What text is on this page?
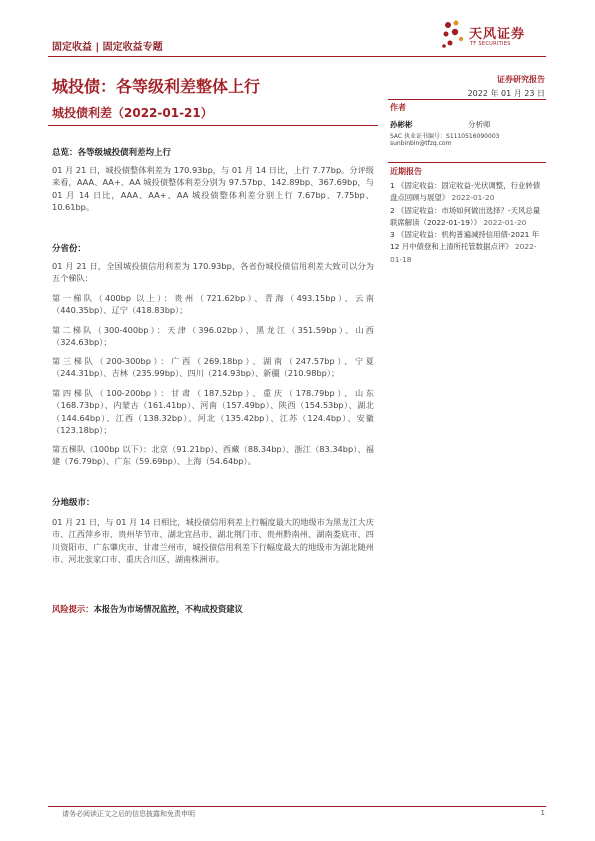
固定收益 | 固定收益专题
天风证券
TF SECURITIES
城投债：各等级利差整体上行
城投债利差（2022-01-21）
证券研究报告
2022 年 01 月 23 日
作者
孙彬彬	分析师
SAC 执业证书编号：S1110516090003
sunbinbin@tfzq.com
近期报告
1 《固定收益：固定收益-光伏调整，行业转债盘点回顾与展望》 2022-01-20
2 《固定收益：市场如何做出选择？-天风总量联席解读（2022-01-19）》 2022-01-20
3 《固定收益：机构普遍减持信用债-2021 年 12 月中债登和上清所托管数据点评》 2022-01-18
总览：各等级城投债利差均上行
01 月 21 日，城投债整体利差为 170.93bp，与 01 月 14 日比，上行 7.77bp。分评级来看，AAA、AA+、AA 城投债整体利差分别为 97.57bp、142.89bp、367.69bp，与 01 月 14 日比，AAA、AA+、AA 城投债整体利差分别上行 7.67bp、7.75bp、10.61bp。
分省份：
01 月 21 日，全国城投债信用利差为 170.93bp，各省份城投债信用利差大致可以分为五个梯队：
第一梯队（400bp 以上）：贵州（721.62bp）、青海（493.15bp）、云南（440.35bp）、辽宁（418.83bp）；
第二梯队（300-400bp）：天津（396.02bp）、黑龙江（351.59bp）、山西（324.63bp）；
第三梯队（200-300bp）：广西（269.18bp）、湖南（247.57bp）、宁夏（244.31bp）、吉林（235.99bp）、四川（214.93bp）、新疆（210.98bp）；
第四梯队（100-200bp）：甘肃（187.52bp）、重庆（178.79bp）、山东（168.73bp）、内蒙古（161.41bp）、河南（157.49bp）、陕西（154.53bp）、湖北（144.64bp）、江西（138.32bp）、河北（135.42bp）、江苏（124.4bp）、安徽（123.18bp）；
第五梯队（100bp 以下）：北京（91.21bp）、西藏（88.34bp）、浙江（83.34bp）、福建（76.79bp）、广东（59.69bp）、上海（54.64bp）。
分地级市：
01 月 21 日，与 01 月 14 日相比，城投债信用利差上行幅度最大的地级市为黑龙江大庆市、江西萍乡市、贵州毕节市、湖北宜昌市、湖北荆门市、贵州黔南州、湖南娄底市、四川资阳市、广东肇庆市、甘肃兰州市，城投债信用利差下行幅度最大的地级市为湖北随州市、河北张家口市、重庆合川区、湖南株洲市。
风险提示：本报告为市场情况监控，不构成投资建议
请务必阅读正文之后的信息披露和免责申明	1
